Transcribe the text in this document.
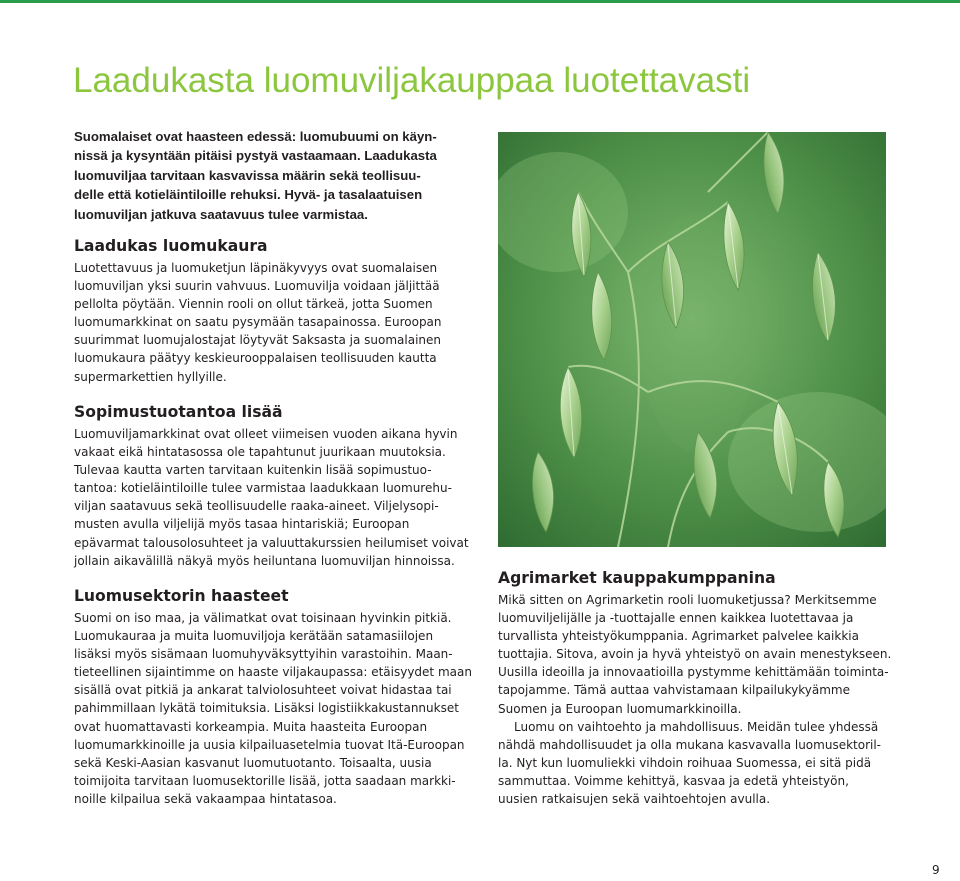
Laadukasta luomuviljakauppaa luotettavasti

Suomalaiset ovat haasteen edessä: luomubuumi on käyn-
nissä ja kysyntään pitäisi pystyä vastaamaan. Laadukasta
luomuviljaa tarvitaan kasvavissa määrin sekä teollisuu-
delle että kotieläintiloille rehuksi. Hyvä- ja tasalaatuisen
luomuviljan jatkuva saatavuus tulee varmistaa.

Laadukas luomukaura

Luotettavuus ja luomuketjun läpinäkyvyys ovat suomalaisen
luomuviljan yksi suurin vahvuus. Luomuvilja voidaan jäljittää
pellolta pöytään. Viennin rooli on ollut tärkeä, jotta Suomen
luomumarkkinat on saatu pysymään tasapainossa. Euroopan
suurimmat luomujalostajat löytyvät Saksasta ja suomalainen
luomukaura päätyy keskieurooppalaisen teollisuuden kautta
supermarkettien hyllyille.

Sopimustuotantoa lisää

Luomuviljamarkkinat ovat olleet viimeisen vuoden aikana hyvin
vakaat eikä hintatasossa ole tapahtunut juurikaan muutoksia.
Tulevaa kautta varten tarvitaan kuitenkin lisää sopimustuo-
tantoa: kotieläintiloille tulee varmistaa laadukkaan luomurehu-
viljan saatavuus sekä teollisuudelle raaka-aineet. Viljelysopi-
musten avulla viljelijä myös tasaa hintariskiä; Euroopan
epävarmat talousolosuhteet ja valuuttakurssien heilumiset voivat
jollain aikavälillä näkyä myös heiluntana luomuviljan hinnoissa.

Luomusektorin haasteet

Suomi on iso maa, ja välimatkat ovat toisinaan hyvinkin pitkiä.
Luomukauraa ja muita luomuviljoja kerätään satamasiilojen
lisäksi myös sisämaan luomuhyväksyttyihin varastoihin. Maan-
tieteellinen sijaintimme on haaste viljakaupassa: etäisyydet maan
sisällä ovat pitkiä ja ankarat talviolosuhteet voivat hidastaa tai
pahimmillaan lykätä toimituksia. Lisäksi logistiikkakustannukset
ovat huomattavasti korkeampia. Muita haasteita Euroopan
luomumarkkinoille ja uusia kilpailuasetelmia tuovat Itä-Euroopan
sekä Keski-Aasian kasvanut luomutuotanto. Toisaalta, uusia
toimijoita tarvitaan luomusektorille lisää, jotta saadaan markki-
noille kilpailua sekä vakaampaa hintatasoa.

Agrimarket kauppakumppanina

Mikä sitten on Agrimarketin rooli luomuketjussa? Merkitsemme
luomuviljelijälle ja -tuottajalle ennen kaikkea luotettavaa ja
turvallista yhteistyökumppania. Agrimarket palvelee kaikkia
tuottajia. Sitova, avoin ja hyvä yhteistyö on avain menestykseen.
Uusilla ideoilla ja innovaatioilla pystymme kehittämään toiminta-
tapojamme. Tämä auttaa vahvistamaan kilpailukykyämme
Suomen ja Euroopan luomumarkkinoilla.

Luomu on vaihtoehto ja mahdollisuus. Meidän tulee yhdessä
nähdä mahdollisuudet ja olla mukana kasvavalla luomusektoril-
la. Nyt kun luomuliekki vihdoin roihuaa Suomessa, ei sitä pidä
sammuttaa. Voimme kehittyä, kasvaa ja edetä yhteistyön,
uusien ratkaisujen sekä vaihtoehtojen avulla.

9
